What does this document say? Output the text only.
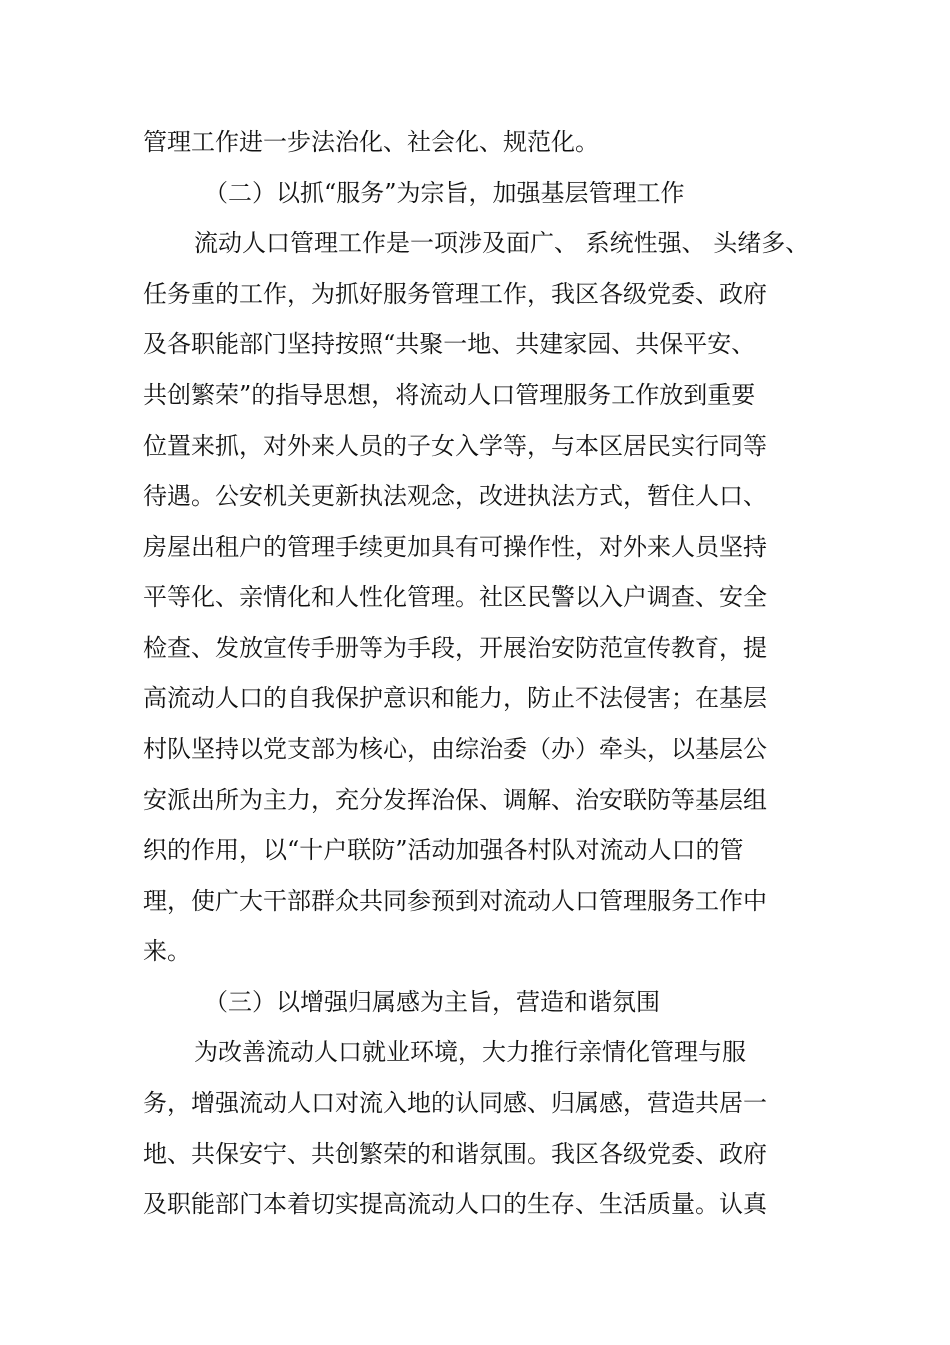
管理工作进一步法治化、社会化、规范化。

（二）以抓“服务”为宗旨，加强基层管理工作

流动人口管理工作是一项涉及面广、 系统性强、 头绪多、

任务重的工作，为抓好服务管理工作，我区各级党委、政府

及各职能部门坚持按照“共聚一地、共建家园、共保平安、

共创繁荣”的指导思想，将流动人口管理服务工作放到重要

位置来抓，对外来人员的子女入学等，与本区居民实行同等

待遇。公安机关更新执法观念，改进执法方式，暂住人口、

房屋出租户的管理手续更加具有可操作性，对外来人员坚持

平等化、亲情化和人性化管理。社区民警以入户调查、安全

检查、发放宣传手册等为手段，开展治安防范宣传教育，提

高流动人口的自我保护意识和能力，防止不法侵害；在基层

村队坚持以党支部为核心，由综治委（办）牵头，以基层公

安派出所为主力，充分发挥治保、调解、治安联防等基层组

织的作用，以“十户联防”活动加强各村队对流动人口的管

理，使广大干部群众共同参预到对流动人口管理服务工作中

来。

（三）以增强归属感为主旨，营造和谐氛围

为改善流动人口就业环境，大力推行亲情化管理与服

务，增强流动人口对流入地的认同感、归属感，营造共居一

地、共保安宁、共创繁荣的和谐氛围。我区各级党委、政府

及职能部门本着切实提高流动人口的生存、生活质量。认真
